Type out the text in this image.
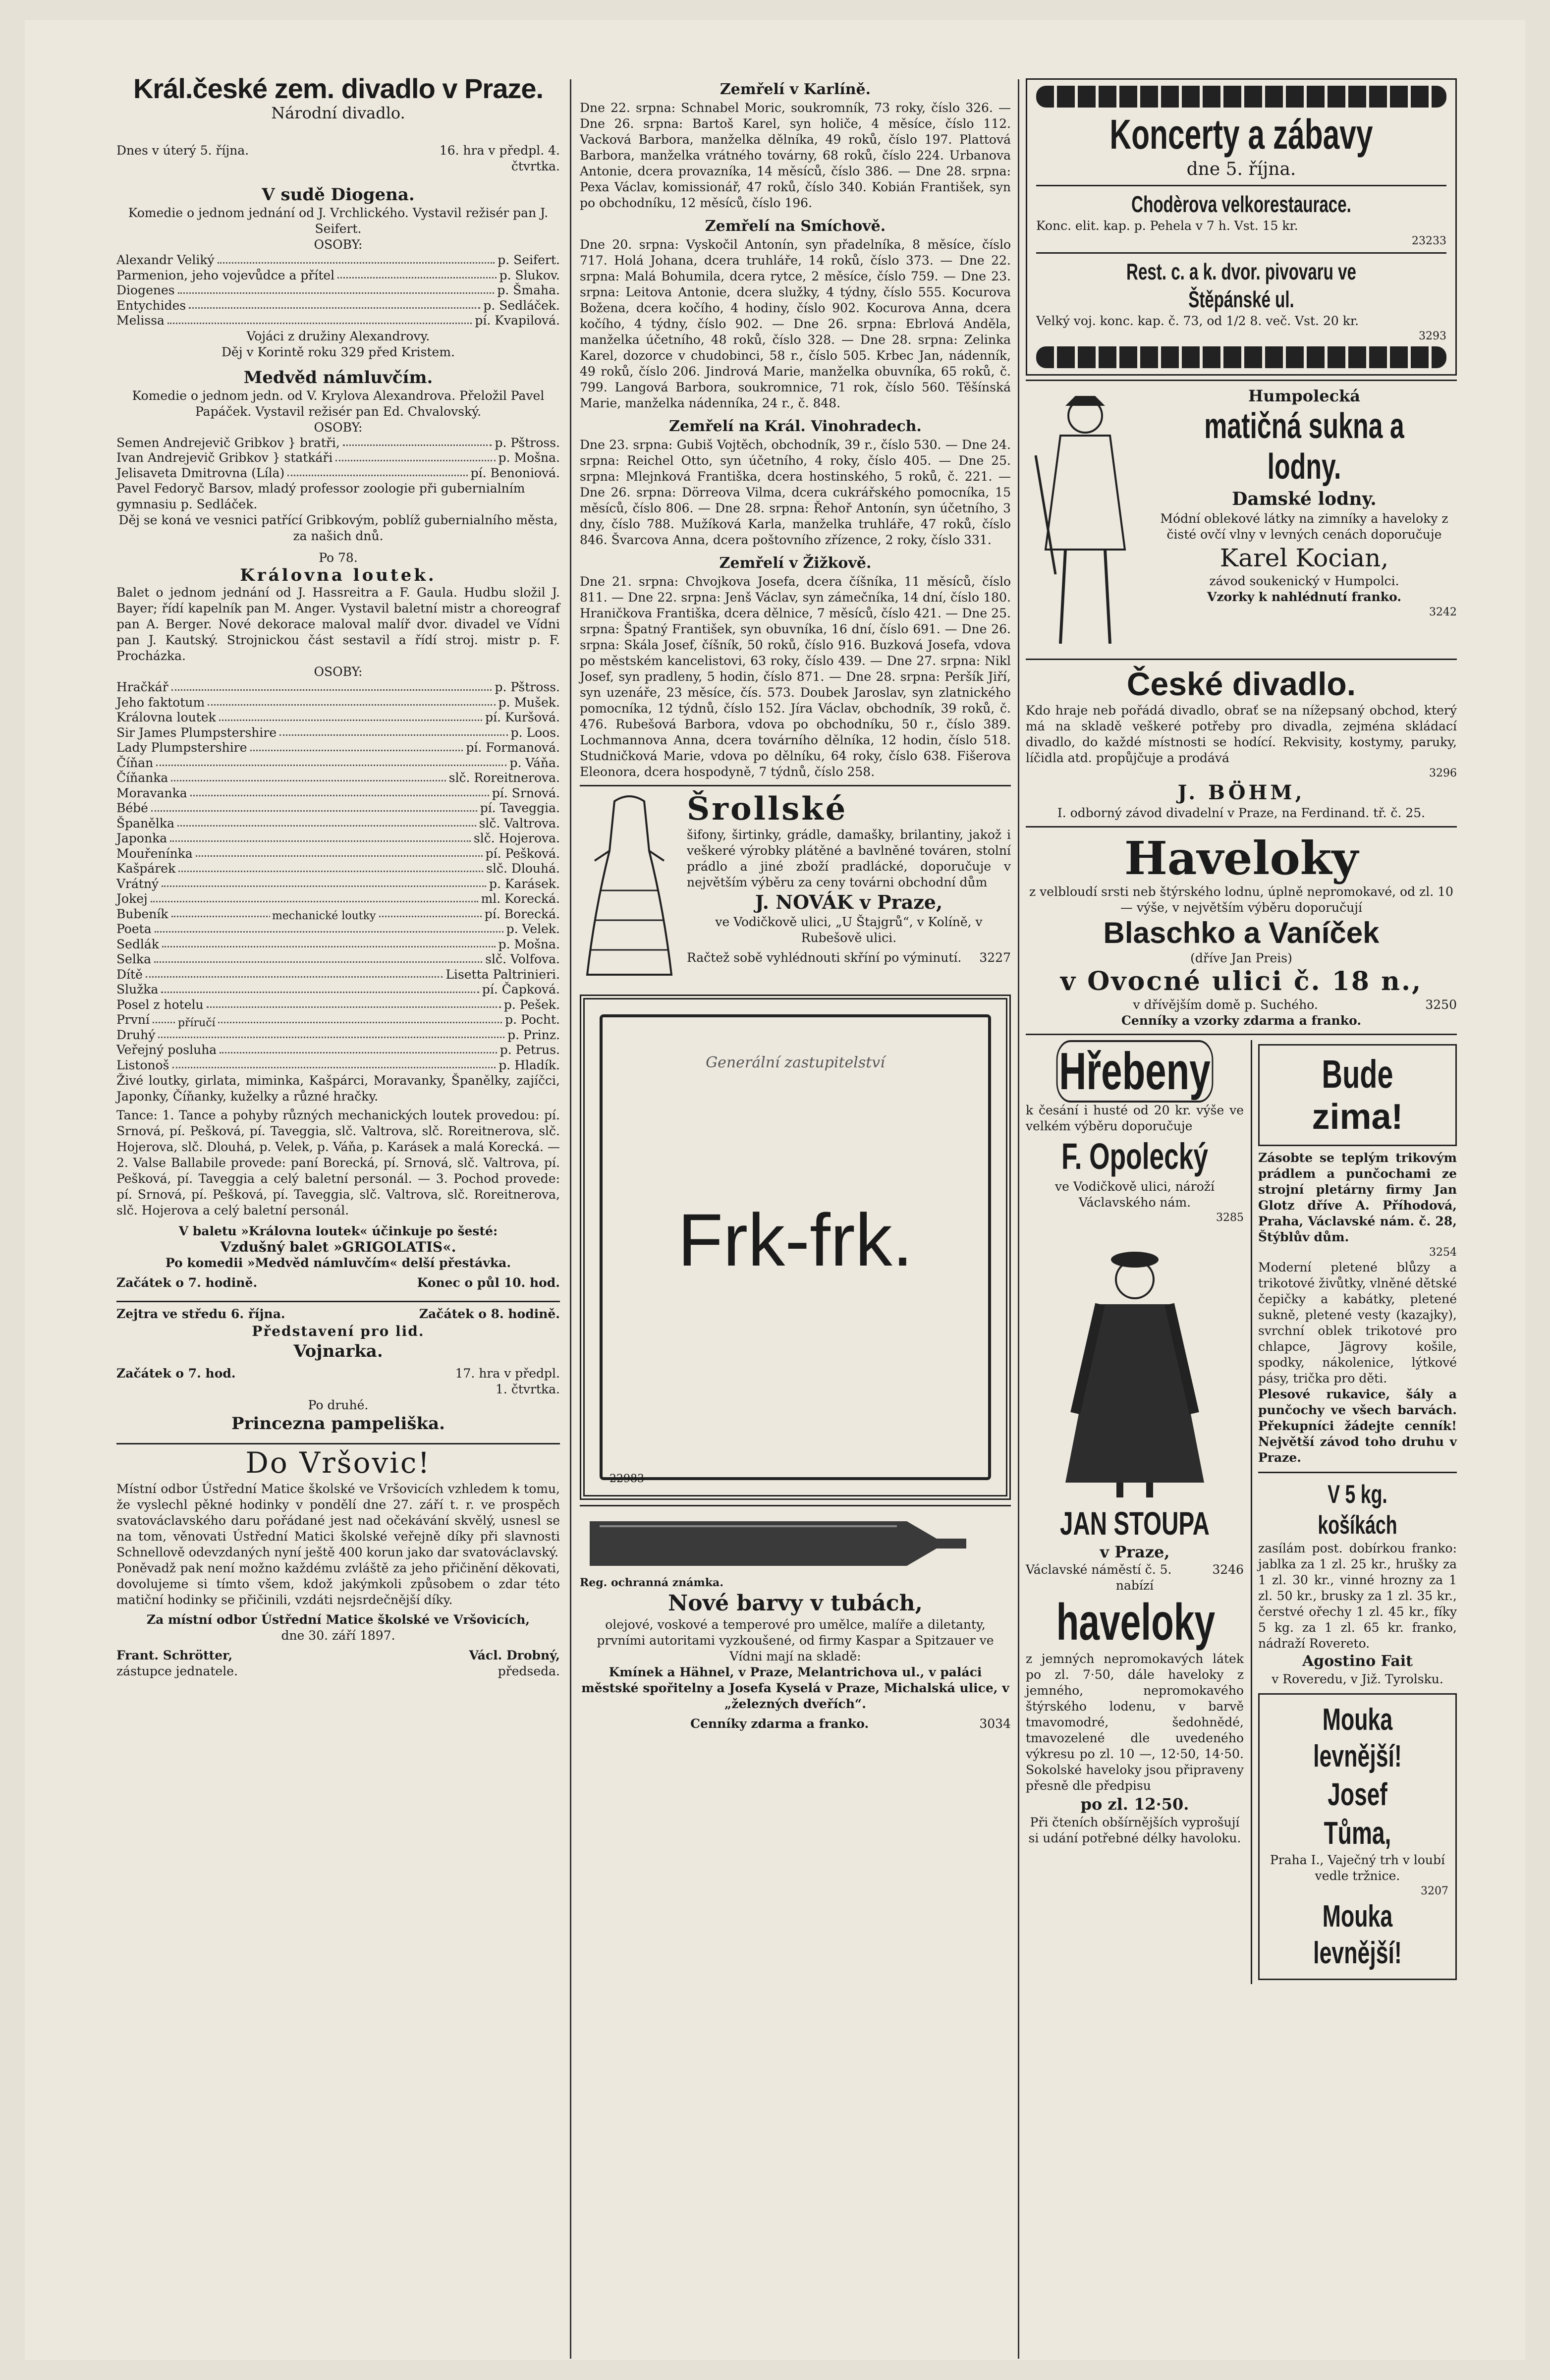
Král.české zem. divadlo v Praze.
Národní divadlo.
Dnes v úterý 5. října.	16. hra v předpl. 4. čtvrtka.
V sudě Diogena.

Komedie o jednom jednání od J. Vrchlického. Vystavil režisér pan J. Seifert.

OSOBY:

Alexandr Veliký	p. Seifert.
Parmenion, jeho vojevůdce a přítel	p. Slukov.
Diogenes	p. Šmaha.
Entychides	p. Sedláček.
Melissa	pí. Kvapilová.

Vojáci z družiny Alexandrovy.

Děj v Korintě roku 329 před Kristem.

Medvěd námluvčím.

Komedie o jednom jedn. od V. Krylova Alexandrova. Přeložil Pavel Papáček. Vystavil režisér pan Ed. Chvalovský.

OSOBY:

Semen Andrejevič Gribkov } bratři,	p. Pštross.
Ivan Andrejevič Gribkov } statkáři	p. Mošna.
Jelisaveta Dmitrovna (Líla)	pí. Benoniová.

Pavel Fedoryč Barsov, mladý professor zoologie při gubernialním gymnasiu p. Sedláček.

Děj se koná ve vesnici patřící Gribkovým, poblíž gubernialního města, za našich dnů.

Po 78.

Královna loutek.

Balet o jednom jednání od J. Hassreitra a F. Gaula. Hudbu složil J. Bayer; řídí kapelník pan M. Anger. Vystavil baletní mistr a choreograf pan A. Berger. Nové dekorace maloval malíř dvor. divadel ve Vídni pan J. Kautský. Strojnickou část sestavil a řídí stroj. mistr p. F. Procházka.

OSOBY:

Hračkář	p. Pštross.
Jeho faktotum	p. Mušek.
Královna loutek	pí. Kuršová.
Sir James Plumpstershire	p. Loos.
Lady Plumpstershire	pí. Formanová.
Číňan	p. Váňa.
Číňanka	slč. Roreitnerova.
Moravanka	pí. Srnová.
Bébé	pí. Taveggia.
Španělka	slč. Valtrova.
Japonka	slč. Hojerova.
Mouřenínka	pí. Pešková.
Kašpárek	slč. Dlouhá.
Vrátný	p. Karásek.
Jokej	ml. Korecká.
Bubeník	pí. Borecká.
Poeta	p. Velek.
Sedlák	p. Mošna.
Selka	slč. Volfova.
Dítě	Lisetta Paltrinieri.
Služka	pí. Čapková.
Posel z hotelu	p. Pešek.
První	p. Pocht.
Druhý	p. Prinz.
Veřejný posluha	p. Petrus.
Listonoš	p. Hladík.
mechanické loutky
příručí

Živé loutky, girlata, miminka, Kašpárci, Moravanky, Španělky, zajíčci, Japonky, Číňanky, kuželky a různé hračky.

Tance: 1. Tance a pohyby různých mechanických loutek provedou: pí. Srnová, pí. Pešková, pí. Taveggia, slč. Valtrova, slč. Roreitnerova, slč. Hojerova, slč. Dlouhá, p. Velek, p. Váňa, p. Karásek a malá Korecká. — 2. Valse Ballabile provede: paní Borecká, pí. Srnová, slč. Valtrova, pí. Pešková, pí. Taveggia a celý baletní personál. — 3. Pochod provede: pí. Srnová, pí. Pešková, pí. Taveggia, slč. Valtrova, slč. Roreitnerova, slč. Hojerova a celý baletní personál.

V baletu »Královna loutek« účinkuje po šesté:

Vzdušný balet »GRIGOLATIS«.

Po komedii »Medvěd námluvčím« delší přestávka.

Začátek o 7. hodině.	Konec o půl 10. hod.
Zejtra ve středu 6. října.	Začátek o 8. hodině.
Představení pro lid.
Vojnarka.
Začátek o 7. hod.	17. hra v předpl. 1. čtvrtka.

Po druhé.

Princezna pampeliška.
Do Vršovic!

Místní odbor Ústřední Matice školské ve Vršovicích vzhledem k tomu, že vyslechl pěkné hodinky v pondělí dne 27. září t. r. ve prospěch svatováclavského daru pořádané jest nad očekávání skvělý, usnesl se na tom, věnovati Ústřední Matici školské veřejně díky při slavnosti Schnellově odevzdaných nyní ještě 400 korun jako dar svatováclavský.

Poněvadž pak není možno každému zvláště za jeho přičinění děkovati, dovolujeme si tímto všem, kdož jakýmkoli způsobem o zdar této matiční hodinky se přičinili, vzdáti nejsrdečnější díky.

Za místní odbor Ústřední Matice školské ve Vršovicích,

dne 30. září 1897.

Frant. Schrötter,	Václ. Drobný,
zástupce jednatele.	předseda.
Zemřelí v Karlíně.

Dne 22. srpna: Schnabel Moric, soukromník, 73 roky, číslo 326. — Dne 26. srpna: Bartoš Karel, syn holiče, 4 měsíce, číslo 112. Vacková Barbora, manželka dělníka, 49 roků, číslo 197. Plattová Barbora, manželka vrátného továrny, 68 roků, číslo 224. Urbanova Antonie, dcera provazníka, 14 měsíců, číslo 386. — Dne 28. srpna: Pexa Václav, komissionář, 47 roků, číslo 340. Kobián František, syn po obchodníku, 12 měsíců, číslo 196.

Zemřelí na Smíchově.

Dne 20. srpna: Vyskočil Antonín, syn přadelníka, 8 měsíce, číslo 717. Holá Johana, dcera truhláře, 14 roků, číslo 373. — Dne 22. srpna: Malá Bohumila, dcera rytce, 2 měsíce, číslo 759. — Dne 23. srpna: Leitova Antonie, dcera služky, 4 týdny, číslo 555. Kocurova Božena, dcera kočího, 4 hodiny, číslo 902. Kocurova Anna, dcera kočího, 4 týdny, číslo 902. — Dne 26. srpna: Ebrlová Anděla, manželka účetního, 48 roků, číslo 328. — Dne 28. srpna: Zelinka Karel, dozorce v chudobinci, 58 r., číslo 505. Krbec Jan, nádenník, 49 roků, číslo 206. Jindrová Marie, manželka obuvníka, 65 roků, č. 799. Langová Barbora, soukromnice, 71 rok, číslo 560. Těšínská Marie, manželka nádenníka, 24 r., č. 848.

Zemřelí na Král. Vinohradech.

Dne 23. srpna: Gubiš Vojtěch, obchodník, 39 r., číslo 530. — Dne 24. srpna: Reichel Otto, syn účetního, 4 roky, číslo 405. — Dne 25. srpna: Mlejnková Františka, dcera hostinského, 5 roků, č. 221. — Dne 26. srpna: Dörreova Vilma, dcera cukrářského pomocníka, 15 měsíců, číslo 806. — Dne 28. srpna: Řehoř Antonín, syn účetního, 3 dny, číslo 788. Mužíková Karla, manželka truhláře, 47 roků, číslo 846. Švarcova Anna, dcera poštovního zřízence, 2 roky, číslo 331.

Zemřelí v Žižkově.

Dne 21. srpna: Chvojkova Josefa, dcera číšníka, 11 měsíců, číslo 811. — Dne 22. srpna: Jenš Václav, syn zámečníka, 14 dní, číslo 180. Hraničkova Františka, dcera dělnice, 7 měsíců, číslo 421. — Dne 25. srpna: Špatný František, syn obuvníka, 16 dní, číslo 691. — Dne 26. srpna: Skála Josef, číšník, 50 roků, číslo 916. Buzková Josefa, vdova po městském kancelistovi, 63 roky, číslo 439. — Dne 27. srpna: Nikl Josef, syn pradleny, 5 hodin, číslo 871. — Dne 28. srpna: Peršík Jiří, syn uzenáře, 23 měsíce, čís. 573. Doubek Jaroslav, syn zlatnického pomocníka, 12 týdnů, číslo 152. Jíra Václav, obchodník, 39 roků, č. 476. Rubešová Barbora, vdova po obchodníku, 50 r., číslo 389. Lochmannova Anna, dcera továrního dělníka, 12 hodin, číslo 518. Studničková Marie, vdova po dělníku, 64 roky, číslo 638. Fišerova Eleonora, dcera hospodyně, 7 týdnů, číslo 258.

Šrollské

šifony, širtinky, grádle, damašky, brilantiny, jakož i veškeré výrobky plátěné a bavlněné továren, stolní prádlo a jiné zboží pradlácké, doporučuje v největším výběru za ceny továrni obchodní dům

J. NOVÁK v Praze,

ve Vodičkově ulici, „U Štajgrů“, v Kolíně, v Rubešově ulici.

Račtež sobě vyhlédnouti skříní po výminutí. 3227
Generální zastupitelství
Frk-frk.
22983

Reg. ochranná známka.

Nové barvy v tubách,

olejové, voskové a temperové pro umělce, malíře a diletanty, prvními autoritami vyzkoušené, od firmy Kaspar a Spitzauer ve Vídni mají na skladě:

Kmínek a Hähnel, v Praze, Melantrichova ul., v paláci městské spořitelny a Josefa Kyselá v Praze, Michalská ulice, v „železných dveřích“.

Cenníky zdarma a franko.	3034
Koncerty a zábavy

dne 5. října.

Chodèrova velkorestaurace.

Konc. elit. kap. p. Pehela v 7 h. Vst. 15 kr.

23233

Rest. c. a k. dvor. pivovaru ve Štěpánské ul.

Velký voj. konc. kap. č. 73, od 1/2 8. več. Vst. 20 kr.

3293

Humpolecká

matičná sukna a lodny.

Damské lodny.

Módní oblekové látky na zimníky a haveloky z čisté ovčí vlny v levných cenách doporučuje

Karel Kocian,

závod soukenický v Humpolci.

Vzorky k nahlédnutí franko.

3242

České divadlo.

Kdo hraje neb pořádá divadlo, obrať se na nížepsaný obchod, který má na skladě veškeré potřeby pro divadla, zejména skládací divadlo, do každé místnosti se hodící. Rekvisity, kostymy, paruky, líčidla atd. propůjčuje a prodává

3296

J. BÖHM,

I. odborný závod divadelní v Praze, na Ferdinand. tř. č. 25.

Haveloky

z velbloudí srsti neb štýrského lodnu, úplně nepromokavé, od zl. 10 — výše, v největším výběru doporučují

Blaschko a Vaníček

(dříve Jan Preis)

v Ovocné ulici č. 18 n.,

v dřívějším domě p. Suchého.	3250

Cenníky a vzorky zdarma a franko.

Hřebeny

k česání i husté od 20 kr. výše ve velkém výběru doporučuje

F. Opolecký

ve Vodičkově ulici, nároží Václavského nám.

3285

JAN STOUPA

v Praze,

Václavské náměstí č. 5.	3246

nabízí

haveloky

z jemných nepromokavých látek po zl. 7·50, dále haveloky z jemného, nepromokavého štýrského lodenu, v barvě tmavomodré, šedohnědé, tmavozelené dle uvedeného výkresu po zl. 10 —, 12·50, 14·50. Sokolské haveloky jsou připraveny přesně dle předpisu

po zl. 12·50.

Při čteních obšírnějších vyprošují si udání potřebné délky havoloku.

Bude

zima!

Zásobte se teplým trikovým prádlem a punčochami ze strojní pletárny firmy Jan Glotz dříve A. Příhodová, Praha, Václavské nám. č. 28, Štýblův dům.

3254

Moderní pletené blůzy a trikotové živůtky, vlněné dětské čepičky a kabátky, pletené sukně, pletené vesty (kazajky), svrchní oblek trikotové pro chlapce, Jägrovy košile, spodky, nákolenice, lýtkové pásy, tričkа pro děti.

Plesové rukavice, šály a punčochy ve všech barvách. Překupníci žádejte cenník! Největší závod toho druhu v Praze.

V 5 kg. košíkách

zasílám post. dobírkou franko: jablka za 1 zl. 25 kr., hrušky za 1 zl. 30 kr., vinné hrozny za 1 zl. 50 kr., brusky za 1 zl. 35 kr., čerstvé ořechy 1 zl. 45 kr., fíky 5 kg. za 1 zl. 65 kr. franko, nádraží Rovereto.

Agostino Fait

v Roveredu, v Již. Tyrolsku.

Mouka levnější!
Josef Tůma,

Praha I., Vaječný trh v loubí vedle tržnice.

3207

Mouka levnější!
